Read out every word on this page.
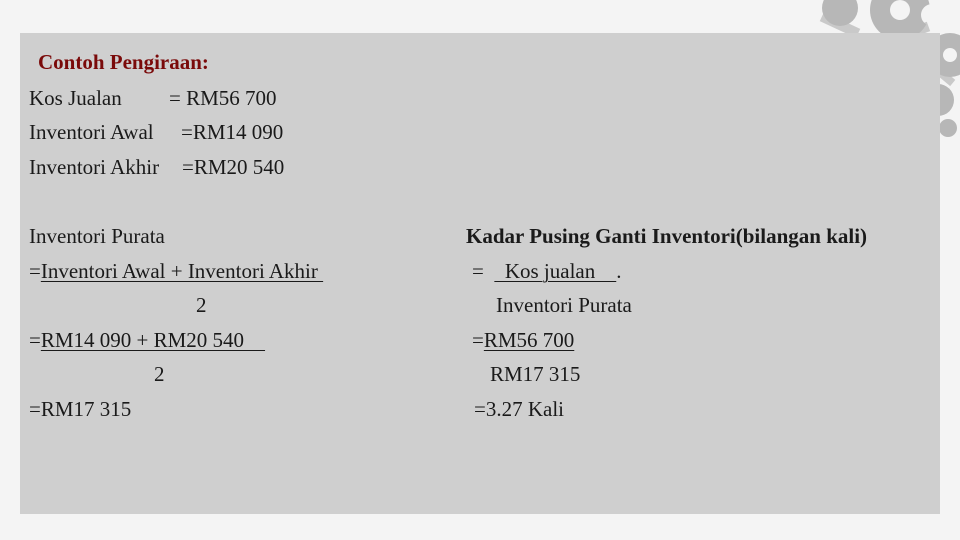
Contoh Pengiraan:
Kos Jualan = RM56 700
Inventori Awal =RM14 090
Inventori Akhir =RM20 540
Inventori Purata
=Inventori Awal + Inventori Akhir
2
=RM14 090 + RM20 540
2
=RM17 315
Kadar Pusing Ganti Inventori(bilangan kali)
=    Kos jualan    .
Inventori Purata
=RM56 700
RM17 315
=3.27 Kali
